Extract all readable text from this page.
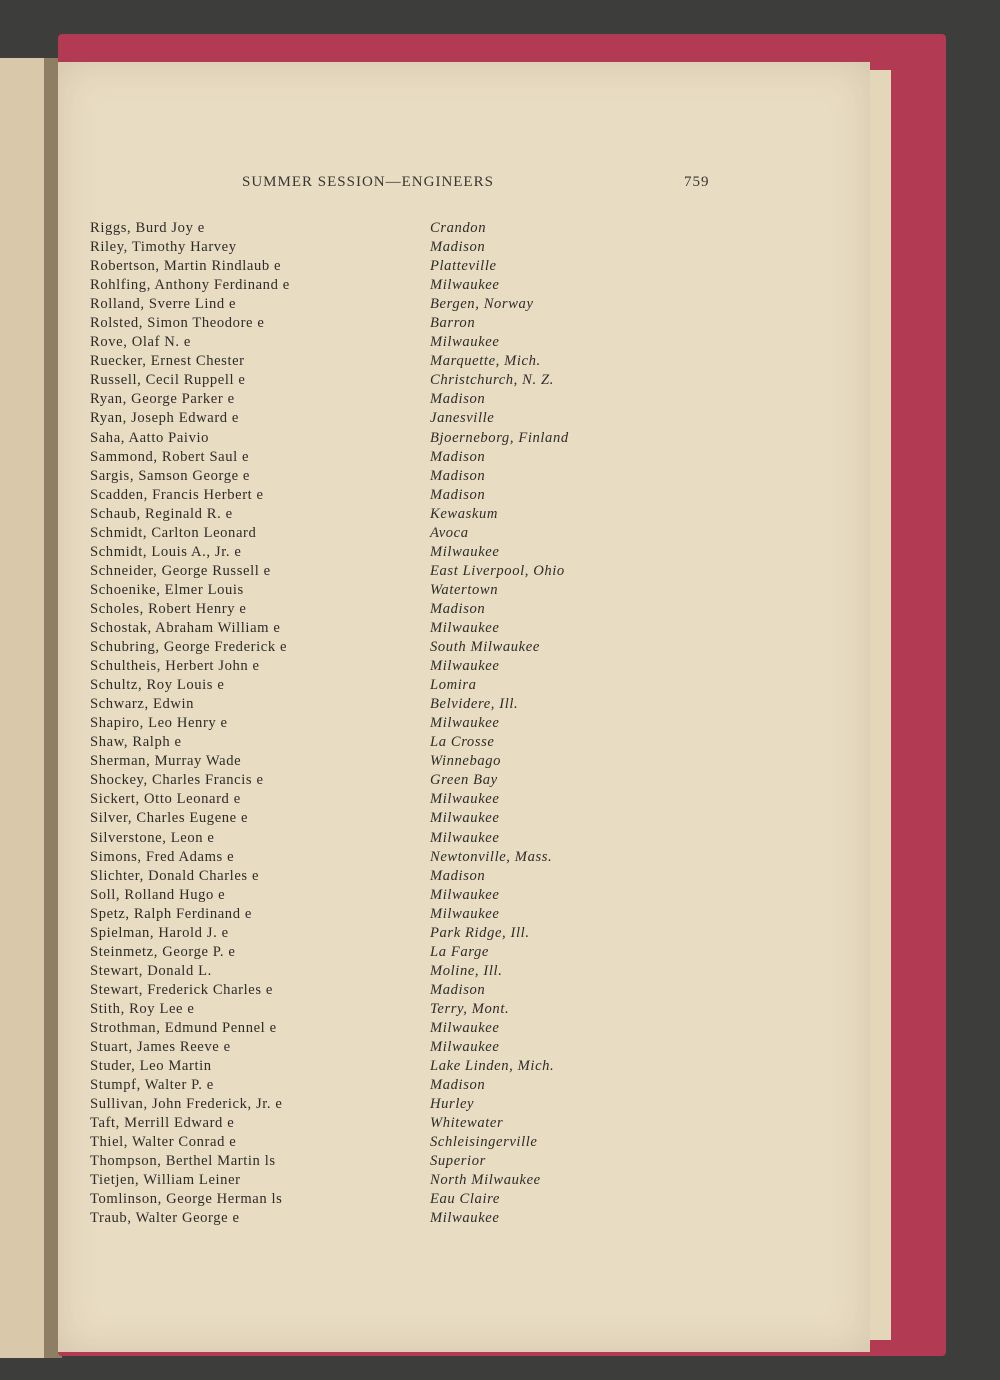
SUMMER SESSION—ENGINEERS	759
Riggs, Burd Joy e	Crandon
Riley, Timothy Harvey	Madison
Robertson, Martin Rindlaub e	Platteville
Rohlfing, Anthony Ferdinand e	Milwaukee
Rolland, Sverre Lind e	Bergen, Norway
Rolsted, Simon Theodore e	Barron
Rove, Olaf N. e	Milwaukee
Ruecker, Ernest Chester	Marquette, Mich.
Russell, Cecil Ruppell e	Christchurch, N. Z.
Ryan, George Parker e	Madison
Ryan, Joseph Edward e	Janesville
Saha, Aatto Paivio	Bjoerneborg, Finland
Sammond, Robert Saul e	Madison
Sargis, Samson George e	Madison
Scadden, Francis Herbert e	Madison
Schaub, Reginald R. e	Kewaskum
Schmidt, Carlton Leonard	Avoca
Schmidt, Louis A., Jr. e	Milwaukee
Schneider, George Russell e	East Liverpool, Ohio
Schoenike, Elmer Louis	Watertown
Scholes, Robert Henry e	Madison
Schostak, Abraham William e	Milwaukee
Schubring, George Frederick e	South Milwaukee
Schultheis, Herbert John e	Milwaukee
Schultz, Roy Louis e	Lomira
Schwarz, Edwin	Belvidere, Ill.
Shapiro, Leo Henry e	Milwaukee
Shaw, Ralph e	La Crosse
Sherman, Murray Wade	Winnebago
Shockey, Charles Francis e	Green Bay
Sickert, Otto Leonard e	Milwaukee
Silver, Charles Eugene e	Milwaukee
Silverstone, Leon e	Milwaukee
Simons, Fred Adams e	Newtonville, Mass.
Slichter, Donald Charles e	Madison
Soll, Rolland Hugo e	Milwaukee
Spetz, Ralph Ferdinand e	Milwaukee
Spielman, Harold J. e	Park Ridge, Ill.
Steinmetz, George P. e	La Farge
Stewart, Donald L.	Moline, Ill.
Stewart, Frederick Charles e	Madison
Stith, Roy Lee e	Terry, Mont.
Strothman, Edmund Pennel e	Milwaukee
Stuart, James Reeve e	Milwaukee
Studer, Leo Martin	Lake Linden, Mich.
Stumpf, Walter P. e	Madison
Sullivan, John Frederick, Jr. e	Hurley
Taft, Merrill Edward e	Whitewater
Thiel, Walter Conrad e	Schleisingerville
Thompson, Berthel Martin ls	Superior
Tietjen, William Leiner	North Milwaukee
Tomlinson, George Herman ls	Eau Claire
Traub, Walter George e	Milwaukee
